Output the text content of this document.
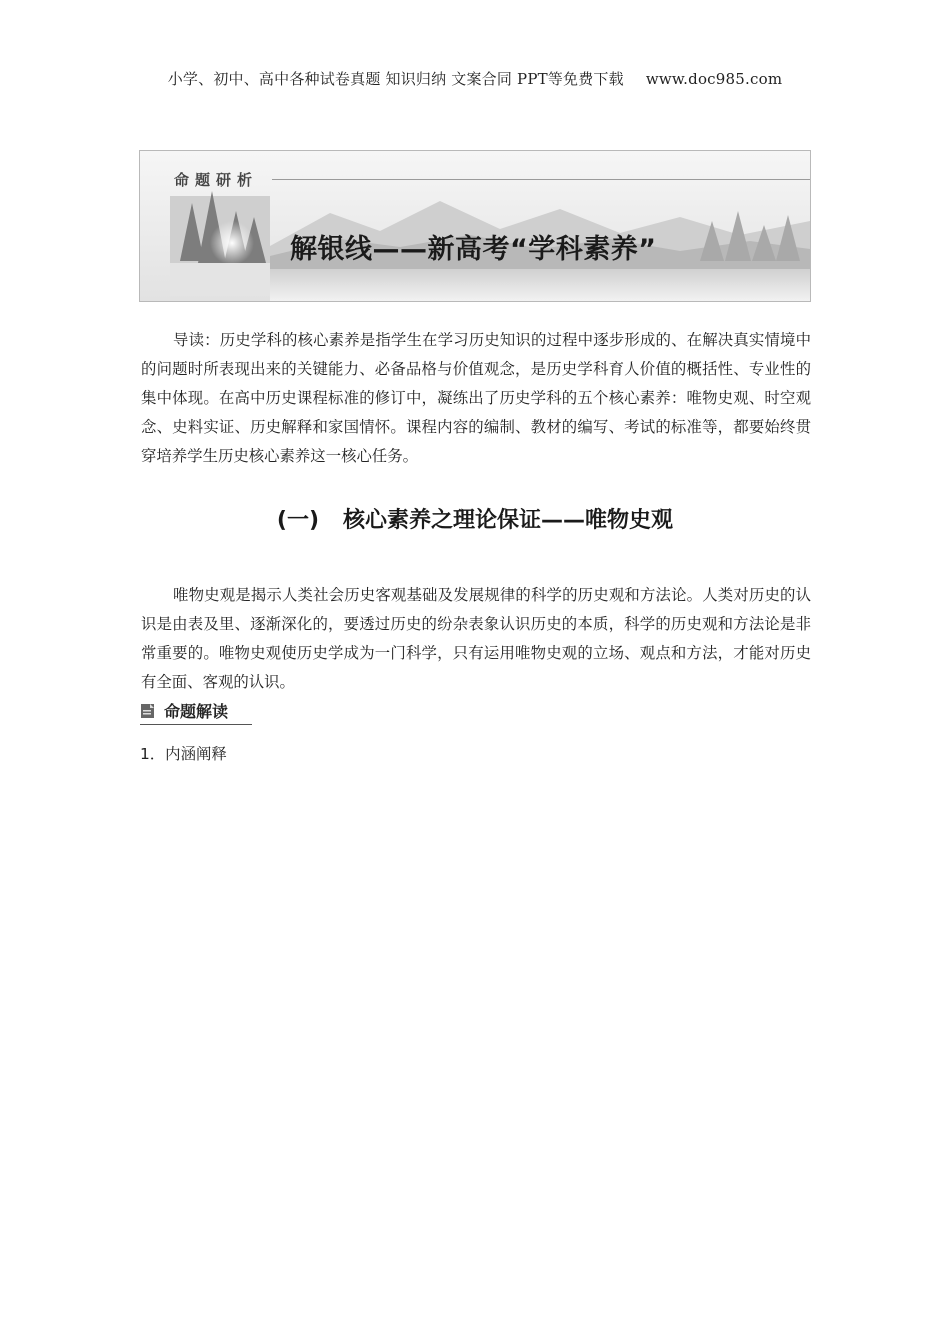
小学、初中、高中各种试卷真题 知识归纳 文案合同 PPT等免费下载 www.doc985.com
命题研析
解银线——新高考“学科素养”
导读：历史学科的核心素养是指学生在学习历史知识的过程中逐步形成的、在解决真实情境中的问题时所表现出来的关键能力、必备品格与价值观念，是历史学科育人价值的概括性、专业性的集中体现。在高中历史课程标准的修订中，凝练出了历史学科的五个核心素养：唯物史观、时空观念、史料实证、历史解释和家国情怀。课程内容的编制、教材的编写、考试的标准等，都要始终贯穿培养学生历史核心素养这一核心任务。
(一) 核心素养之理论保证——唯物史观
唯物史观是揭示人类社会历史客观基础及发展规律的科学的历史观和方法论。人类对历史的认识是由表及里、逐渐深化的，要透过历史的纷杂表象认识历史的本质，科学的历史观和方法论是非常重要的。唯物史观使历史学成为一门科学，只有运用唯物史观的立场、观点和方法，才能对历史有全面、客观的认识。
命题解读
1．内涵阐释
